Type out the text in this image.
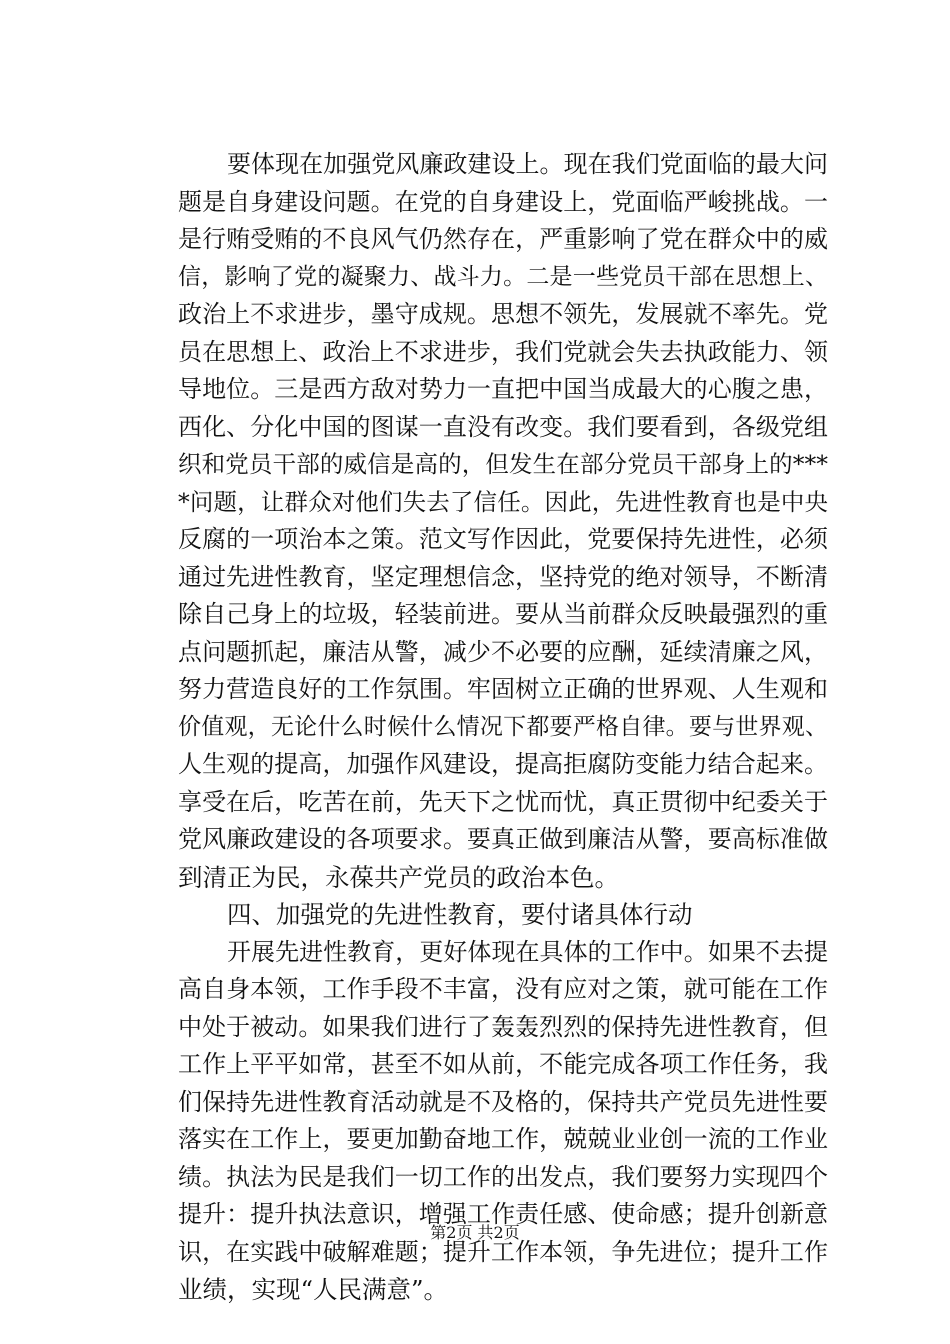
要体现在加强党风廉政建设上。现在我们党面临的最大问
题是自身建设问题。在党的自身建设上，党面临严峻挑战。一
是行贿受贿的不良风气仍然存在，严重影响了党在群众中的威
信，影响了党的凝聚力、战斗力。二是一些党员干部在思想上、
政治上不求进步，墨守成规。思想不领先，发展就不率先。党
员在思想上、政治上不求进步，我们党就会失去执政能力、领
导地位。三是西方敌对势力一直把中国当成最大的心腹之患，
西化、分化中国的图谋一直没有改变。我们要看到，各级党组
织和党员干部的威信是高的，但发生在部分党员干部身上的***
*问题，让群众对他们失去了信任。因此，先进性教育也是中央
反腐的一项治本之策。范文写作因此，党要保持先进性，必须
通过先进性教育，坚定理想信念，坚持党的绝对领导，不断清
除自己身上的垃圾，轻装前进。要从当前群众反映最强烈的重
点问题抓起，廉洁从警，减少不必要的应酬，延续清廉之风，
努力营造良好的工作氛围。牢固树立正确的世界观、人生观和
价值观，无论什么时候什么情况下都要严格自律。要与世界观、
人生观的提高，加强作风建设，提高拒腐防变能力结合起来。
享受在后，吃苦在前，先天下之忧而忧，真正贯彻中纪委关于
党风廉政建设的各项要求。要真正做到廉洁从警，要高标准做
到清正为民，永葆共产党员的政治本色。
四、加强党的先进性教育，要付诸具体行动
开展先进性教育，更好体现在具体的工作中。如果不去提
高自身本领，工作手段不丰富，没有应对之策，就可能在工作
中处于被动。如果我们进行了轰轰烈烈的保持先进性教育，但
工作上平平如常，甚至不如从前，不能完成各项工作任务，我
们保持先进性教育活动就是不及格的，保持共产党员先进性要
落实在工作上，要更加勤奋地工作，兢兢业业创一流的工作业
绩。执法为民是我们一切工作的出发点，我们要努力实现四个
提升：提升执法意识，增强工作责任感、使命感；提升创新意
识，在实践中破解难题；提升工作本领，争先进位；提升工作
业绩，实现“人民满意”。
第2页 共2页
